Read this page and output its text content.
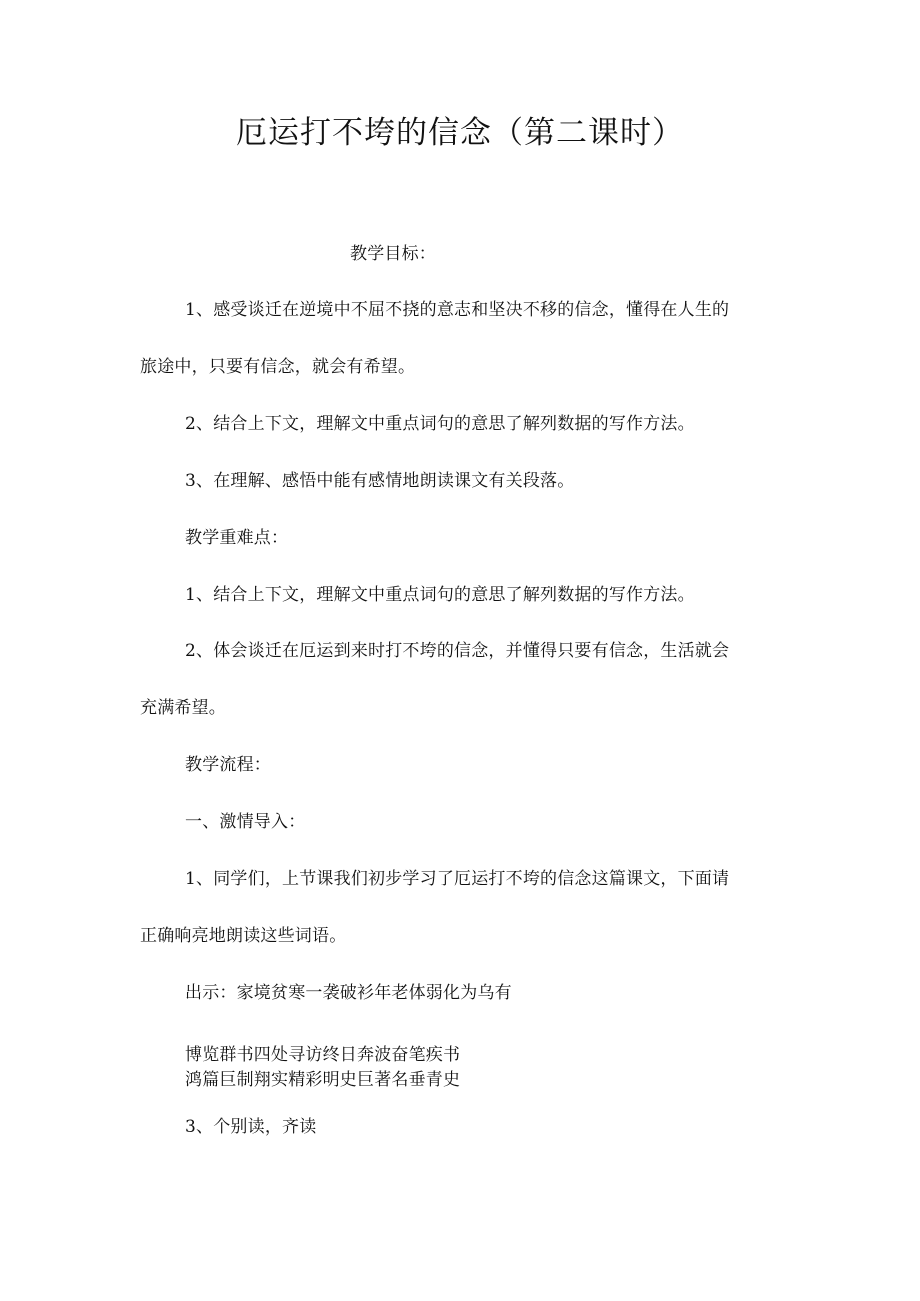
厄运打不垮的信念（第二课时）

教学目标：

1、感受谈迁在逆境中不屈不挠的意志和坚决不移的信念，懂得在人生的

旅途中，只要有信念，就会有希望。

2、结合上下文，理解文中重点词句的意思了解列数据的写作方法。

3、在理解、感悟中能有感情地朗读课文有关段落。

教学重难点：

1、结合上下文，理解文中重点词句的意思了解列数据的写作方法。

2、体会谈迁在厄运到来时打不垮的信念，并懂得只要有信念，生活就会

充满希望。

教学流程：

一、激情导入：

1、同学们，上节课我们初步学习了厄运打不垮的信念这篇课文，下面请

正确响亮地朗读这些词语。

出示：家境贫寒一袭破衫年老体弱化为乌有

博览群书四处寻访终日奔波奋笔疾书

鸿篇巨制翔实精彩明史巨著名垂青史

3、个别读，齐读
